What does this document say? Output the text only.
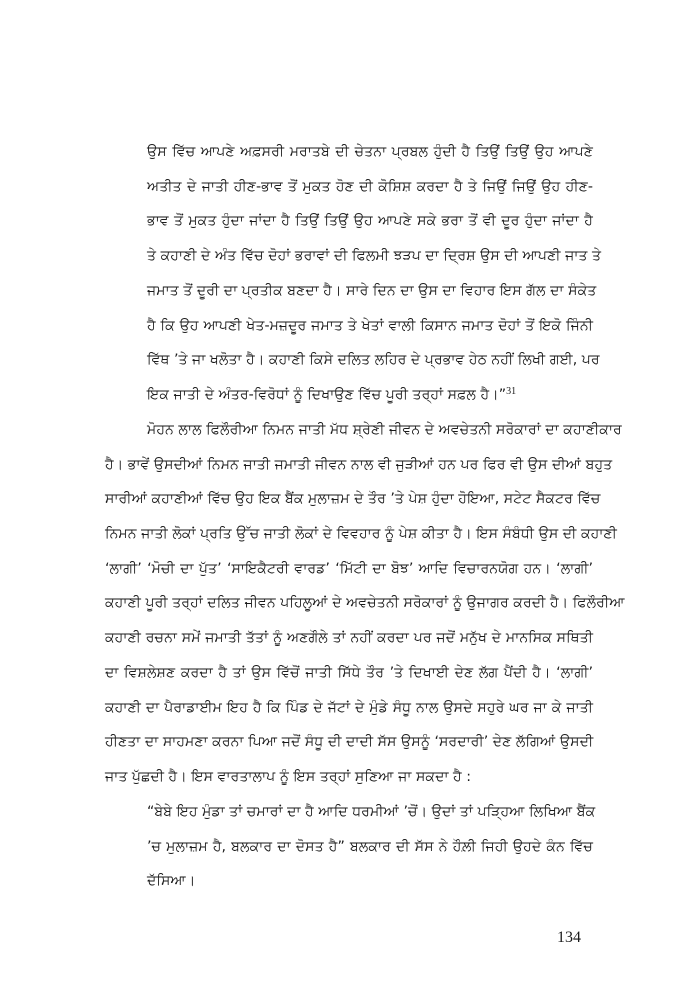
ਉਸ ਵਿੱਚ ਆਪਣੇ ਅਫ਼ਸਰੀ ਮਰਾਤਬੇ ਦੀ ਚੇਤਨਾ ਪ੍ਰਬਲ ਹੁੰਦੀ ਹੈ ਤਿਉਂ ਤਿਉਂ ਉਹ ਆਪਣੇ
ਅਤੀਤ ਦੇ ਜਾਤੀ ਹੀਣ-ਭਾਵ ਤੋਂ ਮੁਕਤ ਹੋਣ ਦੀ ਕੋਸ਼ਿਸ਼ ਕਰਦਾ ਹੈ ਤੇ ਜਿਉਂ ਜਿਉਂ ਉਹ ਹੀਣ-
ਭਾਵ ਤੋਂ ਮੁਕਤ ਹੁੰਦਾ ਜਾਂਦਾ ਹੈ ਤਿਉਂ ਤਿਉਂ ਉਹ ਆਪਣੇ ਸਕੇ ਭਰਾ ਤੋਂ ਵੀ ਦੂਰ ਹੁੰਦਾ ਜਾਂਦਾ ਹੈ
ਤੇ ਕਹਾਣੀ ਦੇ ਅੰਤ ਵਿੱਚ ਦੋਹਾਂ ਭਰਾਵਾਂ ਦੀ ਫਿਲਮੀ ਝੜਪ ਦਾ ਦ੍ਰਿਸ਼ ਉਸ ਦੀ ਆਪਣੀ ਜਾਤ ਤੇ
ਜਮਾਤ ਤੋਂ ਦੂਰੀ ਦਾ ਪ੍ਰਤੀਕ ਬਣਦਾ ਹੈ। ਸਾਰੇ ਦਿਨ ਦਾ ਉਸ ਦਾ ਵਿਹਾਰ ਇਸ ਗੱਲ ਦਾ ਸੰਕੇਤ
ਹੈ ਕਿ ਉਹ ਆਪਣੀ ਖੇਤ-ਮਜ਼ਦੂਰ ਜਮਾਤ ਤੇ ਖੇਤਾਂ ਵਾਲੀ ਕਿਸਾਨ ਜਮਾਤ ਦੋਹਾਂ ਤੋਂ ਇਕੋ ਜਿੰਨੀ
ਵਿੱਥ ’ਤੇ ਜਾ ਖਲੋਤਾ ਹੈ। ਕਹਾਣੀ ਕਿਸੇ ਦਲਿਤ ਲਹਿਰ ਦੇ ਪ੍ਰਭਾਵ ਹੇਠ ਨਹੀਂ ਲਿਖੀ ਗਈ, ਪਰ
ਇਕ ਜਾਤੀ ਦੇ ਅੰਤਰ-ਵਿਰੋਧਾਂ ਨੂੰ ਦਿਖਾਉਣ ਵਿੱਚ ਪੂਰੀ ਤਰ੍ਹਾਂ ਸਫ਼ਲ ਹੈ।”$^{31}$
ਮੋਹਨ ਲਾਲ ਫਿਲੌਰੀਆ ਨਿਮਨ ਜਾਤੀ ਮੱਧ ਸ਼੍ਰੇਣੀ ਜੀਵਨ ਦੇ ਅਵਚੇਤਨੀ ਸਰੋਕਾਰਾਂ ਦਾ ਕਹਾਣੀਕਾਰ
ਹੈ। ਭਾਵੇਂ ਉਸਦੀਆਂ ਨਿਮਨ ਜਾਤੀ ਜਮਾਤੀ ਜੀਵਨ ਨਾਲ ਵੀ ਜੁੜੀਆਂ ਹਨ ਪਰ ਫਿਰ ਵੀ ਉਸ ਦੀਆਂ ਬਹੁਤ
ਸਾਰੀਆਂ ਕਹਾਣੀਆਂ ਵਿੱਚ ਉਹ ਇਕ ਬੈਂਕ ਮੁਲਾਜ਼ਮ ਦੇ ਤੌਰ ’ਤੇ ਪੇਸ਼ ਹੁੰਦਾ ਹੋਇਆ, ਸਟੇਟ ਸੈਕਟਰ ਵਿੱਚ
ਨਿਮਨ ਜਾਤੀ ਲੋਕਾਂ ਪ੍ਰਤਿ ਉੱਚ ਜਾਤੀ ਲੋਕਾਂ ਦੇ ਵਿਵਹਾਰ ਨੂੰ ਪੇਸ਼ ਕੀਤਾ ਹੈ। ਇਸ ਸੰਬੰਧੀ ਉਸ ਦੀ ਕਹਾਣੀ
‘ਲਾਗੀ’ ‘ਮੋਚੀ ਦਾ ਪੁੱਤ’ ‘ਸਾਇਕੈਟਰੀ ਵਾਰਡ’ ‘ਮਿੱਟੀ ਦਾ ਬੋਝ’ ਆਦਿ ਵਿਚਾਰਨਯੋਗ ਹਨ। ‘ਲਾਗੀ’
ਕਹਾਣੀ ਪੂਰੀ ਤਰ੍ਹਾਂ ਦਲਿਤ ਜੀਵਨ ਪਹਿਲੂਆਂ ਦੇ ਅਵਚੇਤਨੀ ਸਰੋਕਾਰਾਂ ਨੂੰ ਉਜਾਗਰ ਕਰਦੀ ਹੈ। ਫਿਲੌਰੀਆ
ਕਹਾਣੀ ਰਚਨਾ ਸਮੇਂ ਜਮਾਤੀ ਤੱਤਾਂ ਨੂੰ ਅਣਗੌਲੇ ਤਾਂ ਨਹੀਂ ਕਰਦਾ ਪਰ ਜਦੋਂ ਮਨੁੱਖ ਦੇ ਮਾਨਸਿਕ ਸਥਿਤੀ
ਦਾ ਵਿਸ਼ਲੇਸ਼ਣ ਕਰਦਾ ਹੈ ਤਾਂ ਉਸ ਵਿੱਚੋਂ ਜਾਤੀ ਸਿੱਧੇ ਤੌਰ ’ਤੇ ਦਿਖਾਈ ਦੇਣ ਲੱਗ ਪੈਂਦੀ ਹੈ। ‘ਲਾਗੀ’
ਕਹਾਣੀ ਦਾ ਪੈਰਾਡਾਈਮ ਇਹ ਹੈ ਕਿ ਪਿੰਡ ਦੇ ਜੱਟਾਂ ਦੇ ਮੁੰਡੇ ਸੰਧੂ ਨਾਲ ਉਸਦੇ ਸਹੁਰੇ ਘਰ ਜਾ ਕੇ ਜਾਤੀ
ਹੀਣਤਾ ਦਾ ਸਾਹਮਣਾ ਕਰਨਾ ਪਿਆ ਜਦੋਂ ਸੰਧੂ ਦੀ ਦਾਦੀ ਸੱਸ ਉਸਨੂੰ ‘ਸਰਦਾਰੀ’ ਦੇਣ ਲੱਗਿਆਂ ਉਸਦੀ
ਜਾਤ ਪੁੱਛਦੀ ਹੈ। ਇਸ ਵਾਰਤਾਲਾਪ ਨੂੰ ਇਸ ਤਰ੍ਹਾਂ ਸੁਣਿਆ ਜਾ ਸਕਦਾ ਹੈ :
“ਬੇਬੇ ਇਹ ਮੁੰਡਾ ਤਾਂ ਚਮਾਰਾਂ ਦਾ ਹੈ ਆਦਿ ਧਰਮੀਆਂ ’ਚੋਂ। ਉਦਾਂ ਤਾਂ ਪੜ੍ਹਿਆ ਲਿਖਿਆ ਬੈਂਕ
’ਚ ਮੁਲਾਜ਼ਮ ਹੈ, ਬਲਕਾਰ ਦਾ ਦੋਸਤ ਹੈ” ਬਲਕਾਰ ਦੀ ਸੱਸ ਨੇ ਹੌਲ਼ੀ ਜਿਹੀ ਉਹਦੇ ਕੰਨ ਵਿੱਚ
ਦੱਸਿਆ।
134
